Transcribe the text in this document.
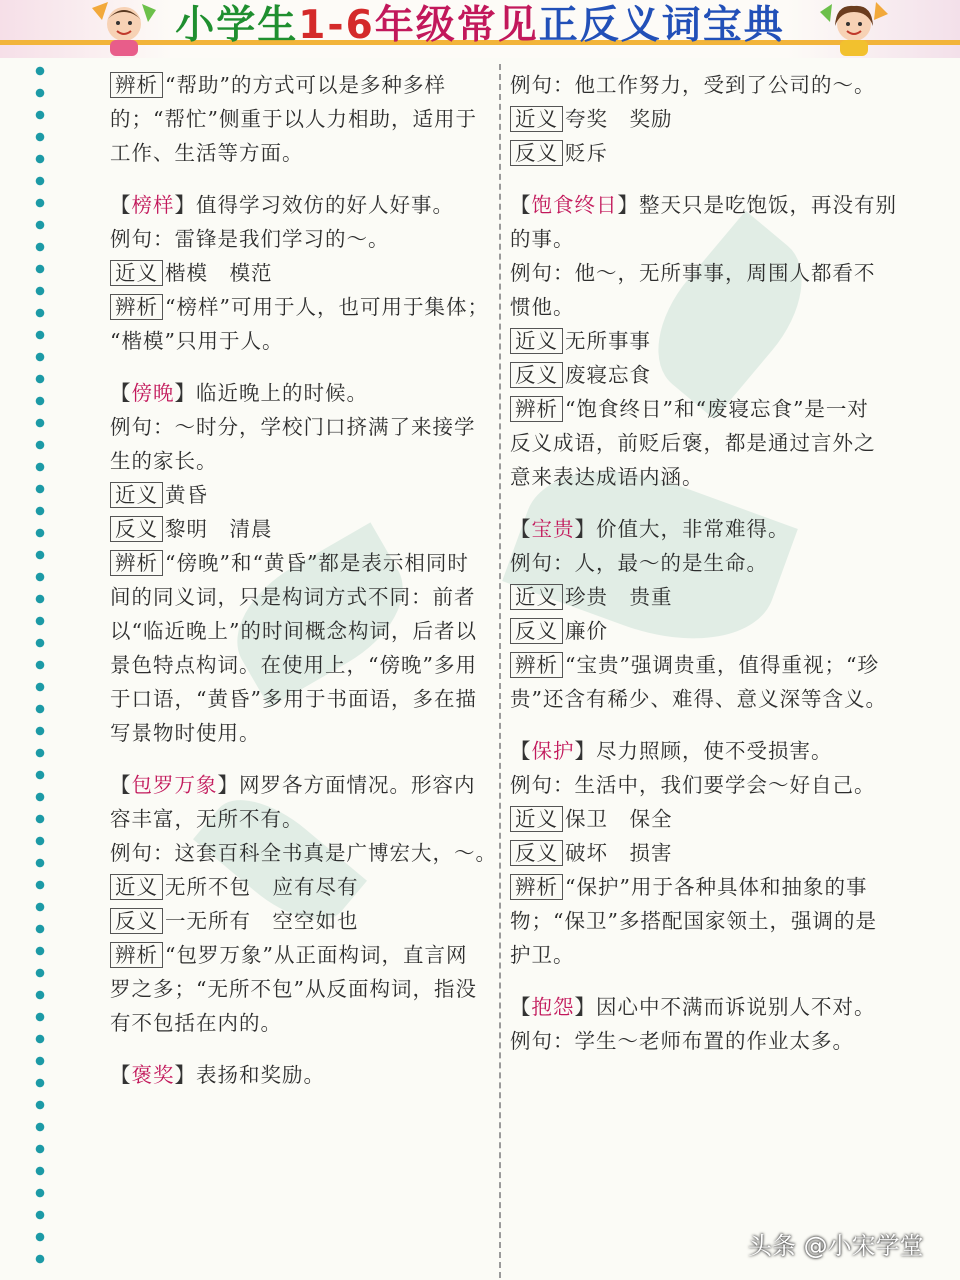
小学生1-6年级常见正反义词宝典
辨析 “帮助”的方式可以是多种多样
的；“帮忙”侧重于以人力相助，适用于
工作、生活等方面。
【榜样】值得学习效仿的好人好事。
例句：雷锋是我们学习的～。
近义 楷模　模范
辨析 “榜样”可用于人，也可用于集体；
“楷模”只用于人。
【傍晚】临近晚上的时候。
例句：～时分，学校门口挤满了来接学
生的家长。
近义 黄昏
反义 黎明　清晨
辨析 “傍晚”和“黄昏”都是表示相同时
间的同义词，只是构词方式不同：前者
以“临近晚上”的时间概念构词，后者以
景色特点构词。在使用上，“傍晚”多用
于口语，“黄昏”多用于书面语，多在描
写景物时使用。
【包罗万象】网罗各方面情况。形容内
容丰富，无所不有。
例句：这套百科全书真是广博宏大，～。
近义 无所不包　应有尽有
反义 一无所有　空空如也
辨析 “包罗万象”从正面构词，直言网
罗之多；“无所不包”从反面构词，指没
有不包括在内的。
【褒奖】表扬和奖励。
例句：他工作努力，受到了公司的～。
近义 夸奖　奖励
反义 贬斥
【饱食终日】整天只是吃饱饭，再没有别
的事。
例句：他～，无所事事，周围人都看不
惯他。
近义 无所事事
反义 废寝忘食
辨析 “饱食终日”和“废寝忘食”是一对
反义成语，前贬后褒，都是通过言外之
意来表达成语内涵。
【宝贵】价值大，非常难得。
例句：人，最～的是生命。
近义 珍贵　贵重
反义 廉价
辨析 “宝贵”强调贵重，值得重视；“珍
贵”还含有稀少、难得、意义深等含义。
【保护】尽力照顾，使不受损害。
例句：生活中，我们要学会～好自己。
近义 保卫　保全
反义 破坏　损害
辨析 “保护”用于各种具体和抽象的事
物；“保卫”多搭配国家领土，强调的是
护卫。
【抱怨】因心中不满而诉说别人不对。
例句：学生～老师布置的作业太多。
头条 @小宋学堂
